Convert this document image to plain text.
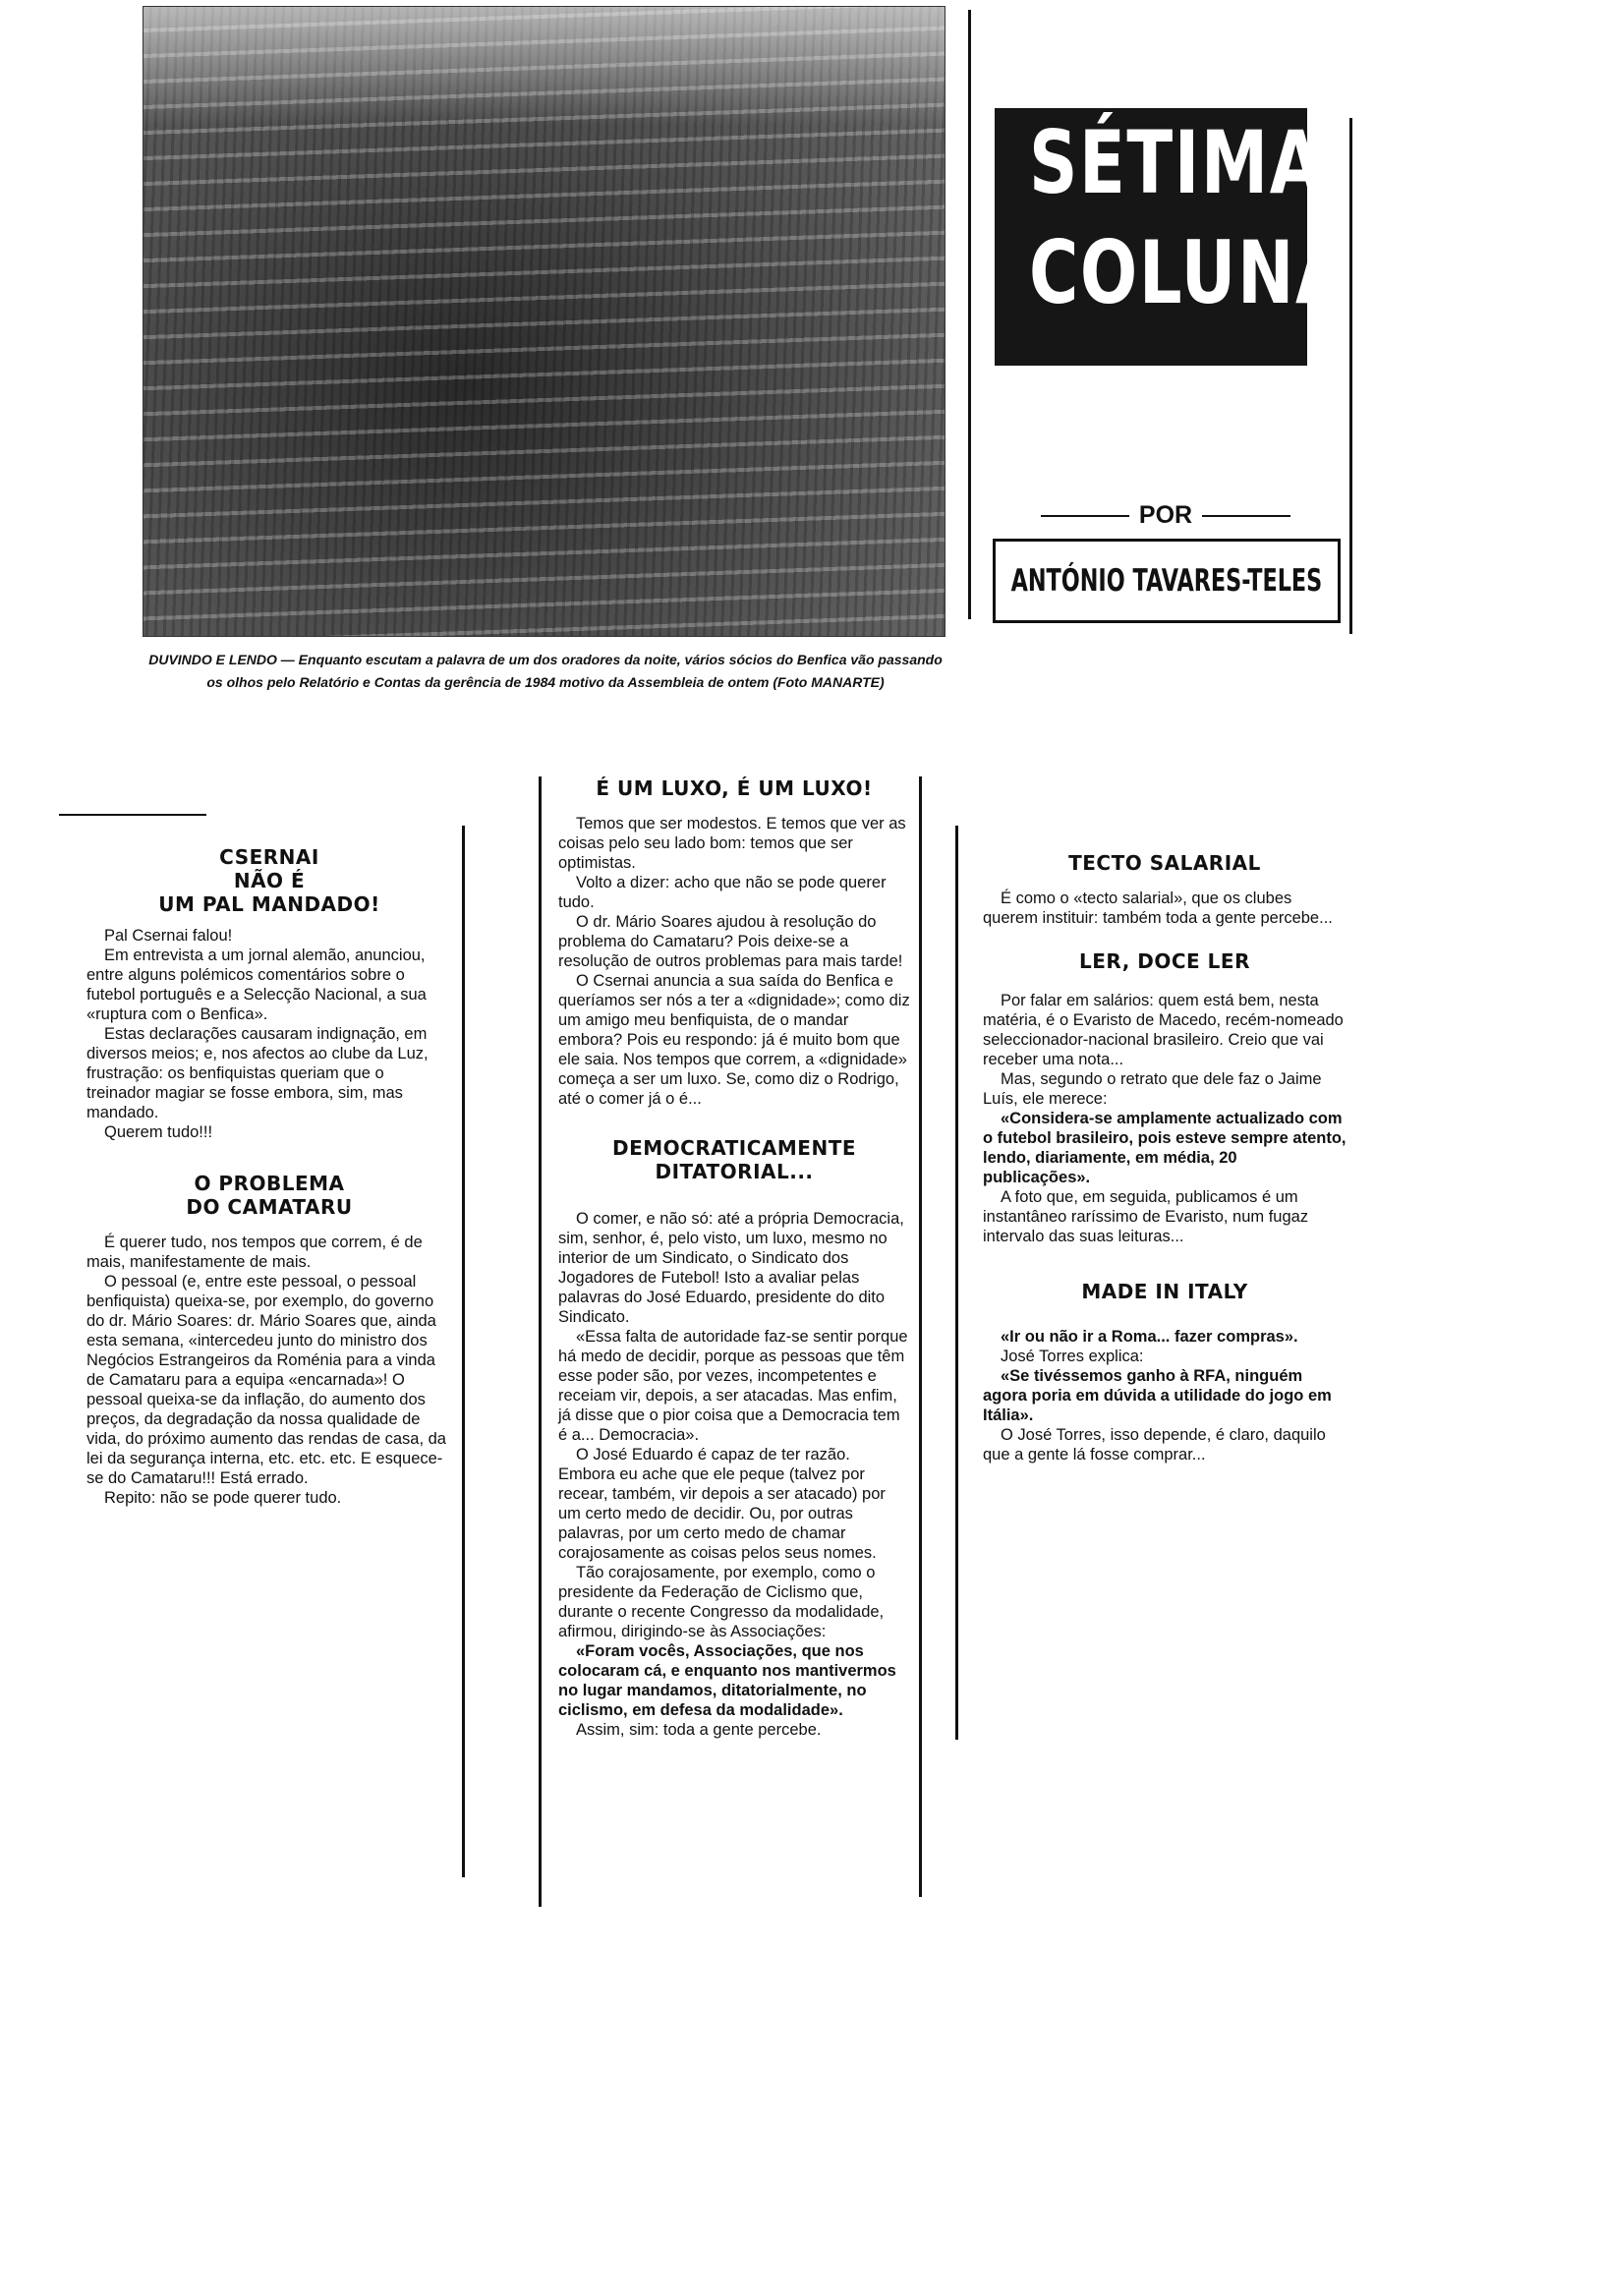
DUVINDO E LENDO — Enquanto escutam a palavra de um dos oradores da noite, vários sócios do Benfica vão passando os olhos pelo Relatório e Contas da gerência de 1984 motivo da Assembleia de ontem (Foto MANARTE)
SÉTIMA
COLUNA
POR
ANTÓNIO TAVARES-TELES
CSERNAI
NÃO É
UM PAL MANDADO!

Pal Csernai falou!

Em entrevista a um jornal alemão, anunciou, entre alguns polémicos comentários sobre o futebol português e a Selecção Nacional, a sua «ruptura com o Benfica».

Estas declarações causaram indignação, em diversos meios; e, nos afectos ao clube da Luz, frustração: os benfiquistas queriam que o treinador magiar se fosse embora, sim, mas mandado.

Querem tudo!!!

O PROBLEMA
DO CAMATARU

É querer tudo, nos tempos que correm, é de mais, manifestamente de mais.

O pessoal (e, entre este pessoal, o pessoal benfiquista) queixa-se, por exemplo, do governo do dr. Mário Soares: dr. Mário Soares que, ainda esta semana, «intercedeu junto do ministro dos Negócios Estrangeiros da Roménia para a vinda de Camataru para a equipa «encarnada»! O pessoal queixa-se da inflação, do aumento dos preços, da degradação da nossa qualidade de vida, do próximo aumento das rendas de casa, da lei da segurança interna, etc. etc. etc. E esquece-se do Camataru!!! Está errado.

Repito: não se pode querer tudo.

É UM LUXO, É UM LUXO!

Temos que ser modestos. E temos que ver as coisas pelo seu lado bom: temos que ser optimistas.

Volto a dizer: acho que não se pode querer tudo.

O dr. Mário Soares ajudou à resolução do problema do Camataru? Pois deixe-se a resolução de outros problemas para mais tarde!

O Csernai anuncia a sua saída do Benfica e queríamos ser nós a ter a «dignidade»; como diz um amigo meu benfiquista, de o mandar embora? Pois eu respondo: já é muito bom que ele saia. Nos tempos que correm, a «dignidade» começa a ser um luxo. Se, como diz o Rodrigo, até o comer já o é...

DEMOCRATICAMENTE
DITATORIAL...

O comer, e não só: até a própria Democracia, sim, senhor, é, pelo visto, um luxo, mesmo no interior de um Sindicato, o Sindicato dos Jogadores de Futebol! Isto a avaliar pelas palavras do José Eduardo, presidente do dito Sindicato.

«Essa falta de autoridade faz-se sentir porque há medo de decidir, porque as pessoas que têm esse poder são, por vezes, incompetentes e receiam vir, depois, a ser atacadas. Mas enfim, já disse que o pior coisa que a Democracia tem é a... Democracia».

O José Eduardo é capaz de ter razão. Embora eu ache que ele peque (talvez por recear, também, vir depois a ser atacado) por um certo medo de decidir. Ou, por outras palavras, por um certo medo de chamar corajosamente as coisas pelos seus nomes.

Tão corajosamente, por exemplo, como o presidente da Federação de Ciclismo que, durante o recente Congresso da modalidade, afirmou, dirigindo-se às Associações:

«Foram vocês, Associações, que nos colocaram cá, e enquanto nos mantivermos no lugar mandamos, ditatorialmente, no ciclismo, em defesa da modalidade».

Assim, sim: toda a gente percebe.

TECTO SALARIAL

É como o «tecto salarial», que os clubes querem instituir: também toda a gente percebe...

LER, DOCE LER

Por falar em salários: quem está bem, nesta matéria, é o Evaristo de Macedo, recém-nomeado seleccionador-nacional brasileiro. Creio que vai receber uma nota...

Mas, segundo o retrato que dele faz o Jaime Luís, ele merece:

«Considera-se amplamente actualizado com o futebol brasileiro, pois esteve sempre atento, lendo, diariamente, em média, 20 publicações».

A foto que, em seguida, publicamos é um instantâneo raríssimo de Evaristo, num fugaz intervalo das suas leituras...

MADE IN ITALY

«Ir ou não ir a Roma... fazer compras».

José Torres explica:

«Se tivéssemos ganho à RFA, ninguém agora poria em dúvida a utilidade do jogo em Itália».

O José Torres, isso depende, é claro, daquilo que a gente lá fosse comprar...
